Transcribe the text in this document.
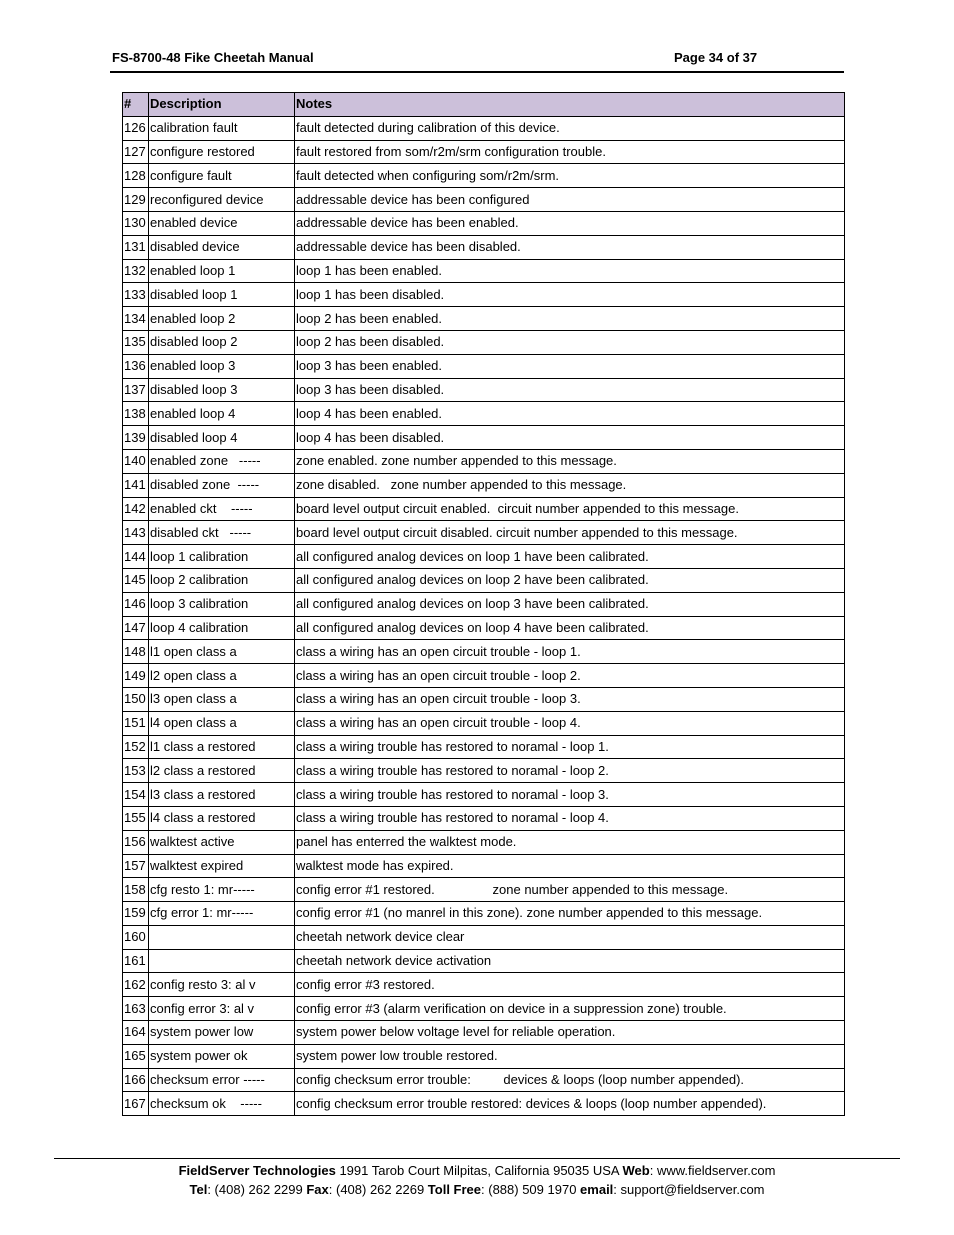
FS-8700-48 Fike Cheetah Manual	Page 34 of 37
#	Description	Notes
126	calibration fault	fault detected during calibration of this device.
127	configure restored	fault restored from som/r2m/srm configuration trouble.
128	configure fault	fault detected when configuring som/r2m/srm.
129	reconfigured device	addressable device has been configured
130	enabled device	addressable device has been enabled.
131	disabled device	addressable device has been disabled.
132	enabled loop 1	loop 1 has been enabled.
133	disabled loop 1	loop 1 has been disabled.
134	enabled loop 2	loop 2 has been enabled.
135	disabled loop 2	loop 2 has been disabled.
136	enabled loop 3	loop 3 has been enabled.
137	disabled loop 3	loop 3 has been disabled.
138	enabled loop 4	loop 4 has been enabled.
139	disabled loop 4	loop 4 has been disabled.
140	enabled zone   -----	zone enabled. zone number appended to this message.
141	disabled zone  -----	zone disabled.   zone number appended to this message.
142	enabled ckt    -----	board level output circuit enabled.  circuit number appended to this message.
143	disabled ckt   -----	board level output circuit disabled. circuit number appended to this message.
144	loop 1 calibration	all configured analog devices on loop 1 have been calibrated.
145	loop 2 calibration	all configured analog devices on loop 2 have been calibrated.
146	loop 3 calibration	all configured analog devices on loop 3 have been calibrated.
147	loop 4 calibration	all configured analog devices on loop 4 have been calibrated.
148	l1 open class a	class a wiring has an open circuit trouble - loop 1.
149	l2 open class a	class a wiring has an open circuit trouble - loop 2.
150	l3 open class a	class a wiring has an open circuit trouble - loop 3.
151	l4 open class a	class a wiring has an open circuit trouble - loop 4.
152	l1 class a restored	class a wiring trouble has restored to noramal - loop 1.
153	l2 class a restored	class a wiring trouble has restored to noramal - loop 2.
154	l3 class a restored	class a wiring trouble has restored to noramal - loop 3.
155	l4 class a restored	class a wiring trouble has restored to noramal - loop 4.
156	walktest active	panel has enterred the walktest mode.
157	walktest expired	walktest mode has expired.
158	cfg resto 1: mr-----	config error #1 restored.                zone number appended to this message.
159	cfg error 1: mr-----	config error #1 (no manrel in this zone). zone number appended to this message.
160		cheetah network device clear
161		cheetah network device activation
162	config resto 3: al v	config error #3 restored.
163	config error 3: al v	config error #3 (alarm verification on device in a suppression zone) trouble.
164	system power low	system power below voltage level for reliable operation.
165	system power ok	system power low trouble restored.
166	checksum error -----	config checksum error trouble:         devices & loops (loop number appended).
167	checksum ok    -----	config checksum error trouble restored: devices & loops (loop number appended).
FieldServer Technologies 1991 Tarob Court Milpitas, California 95035 USA Web: www.fieldserver.com
Tel: (408) 262 2299 Fax: (408) 262 2269 Toll Free: (888) 509 1970 email: support@fieldserver.com
